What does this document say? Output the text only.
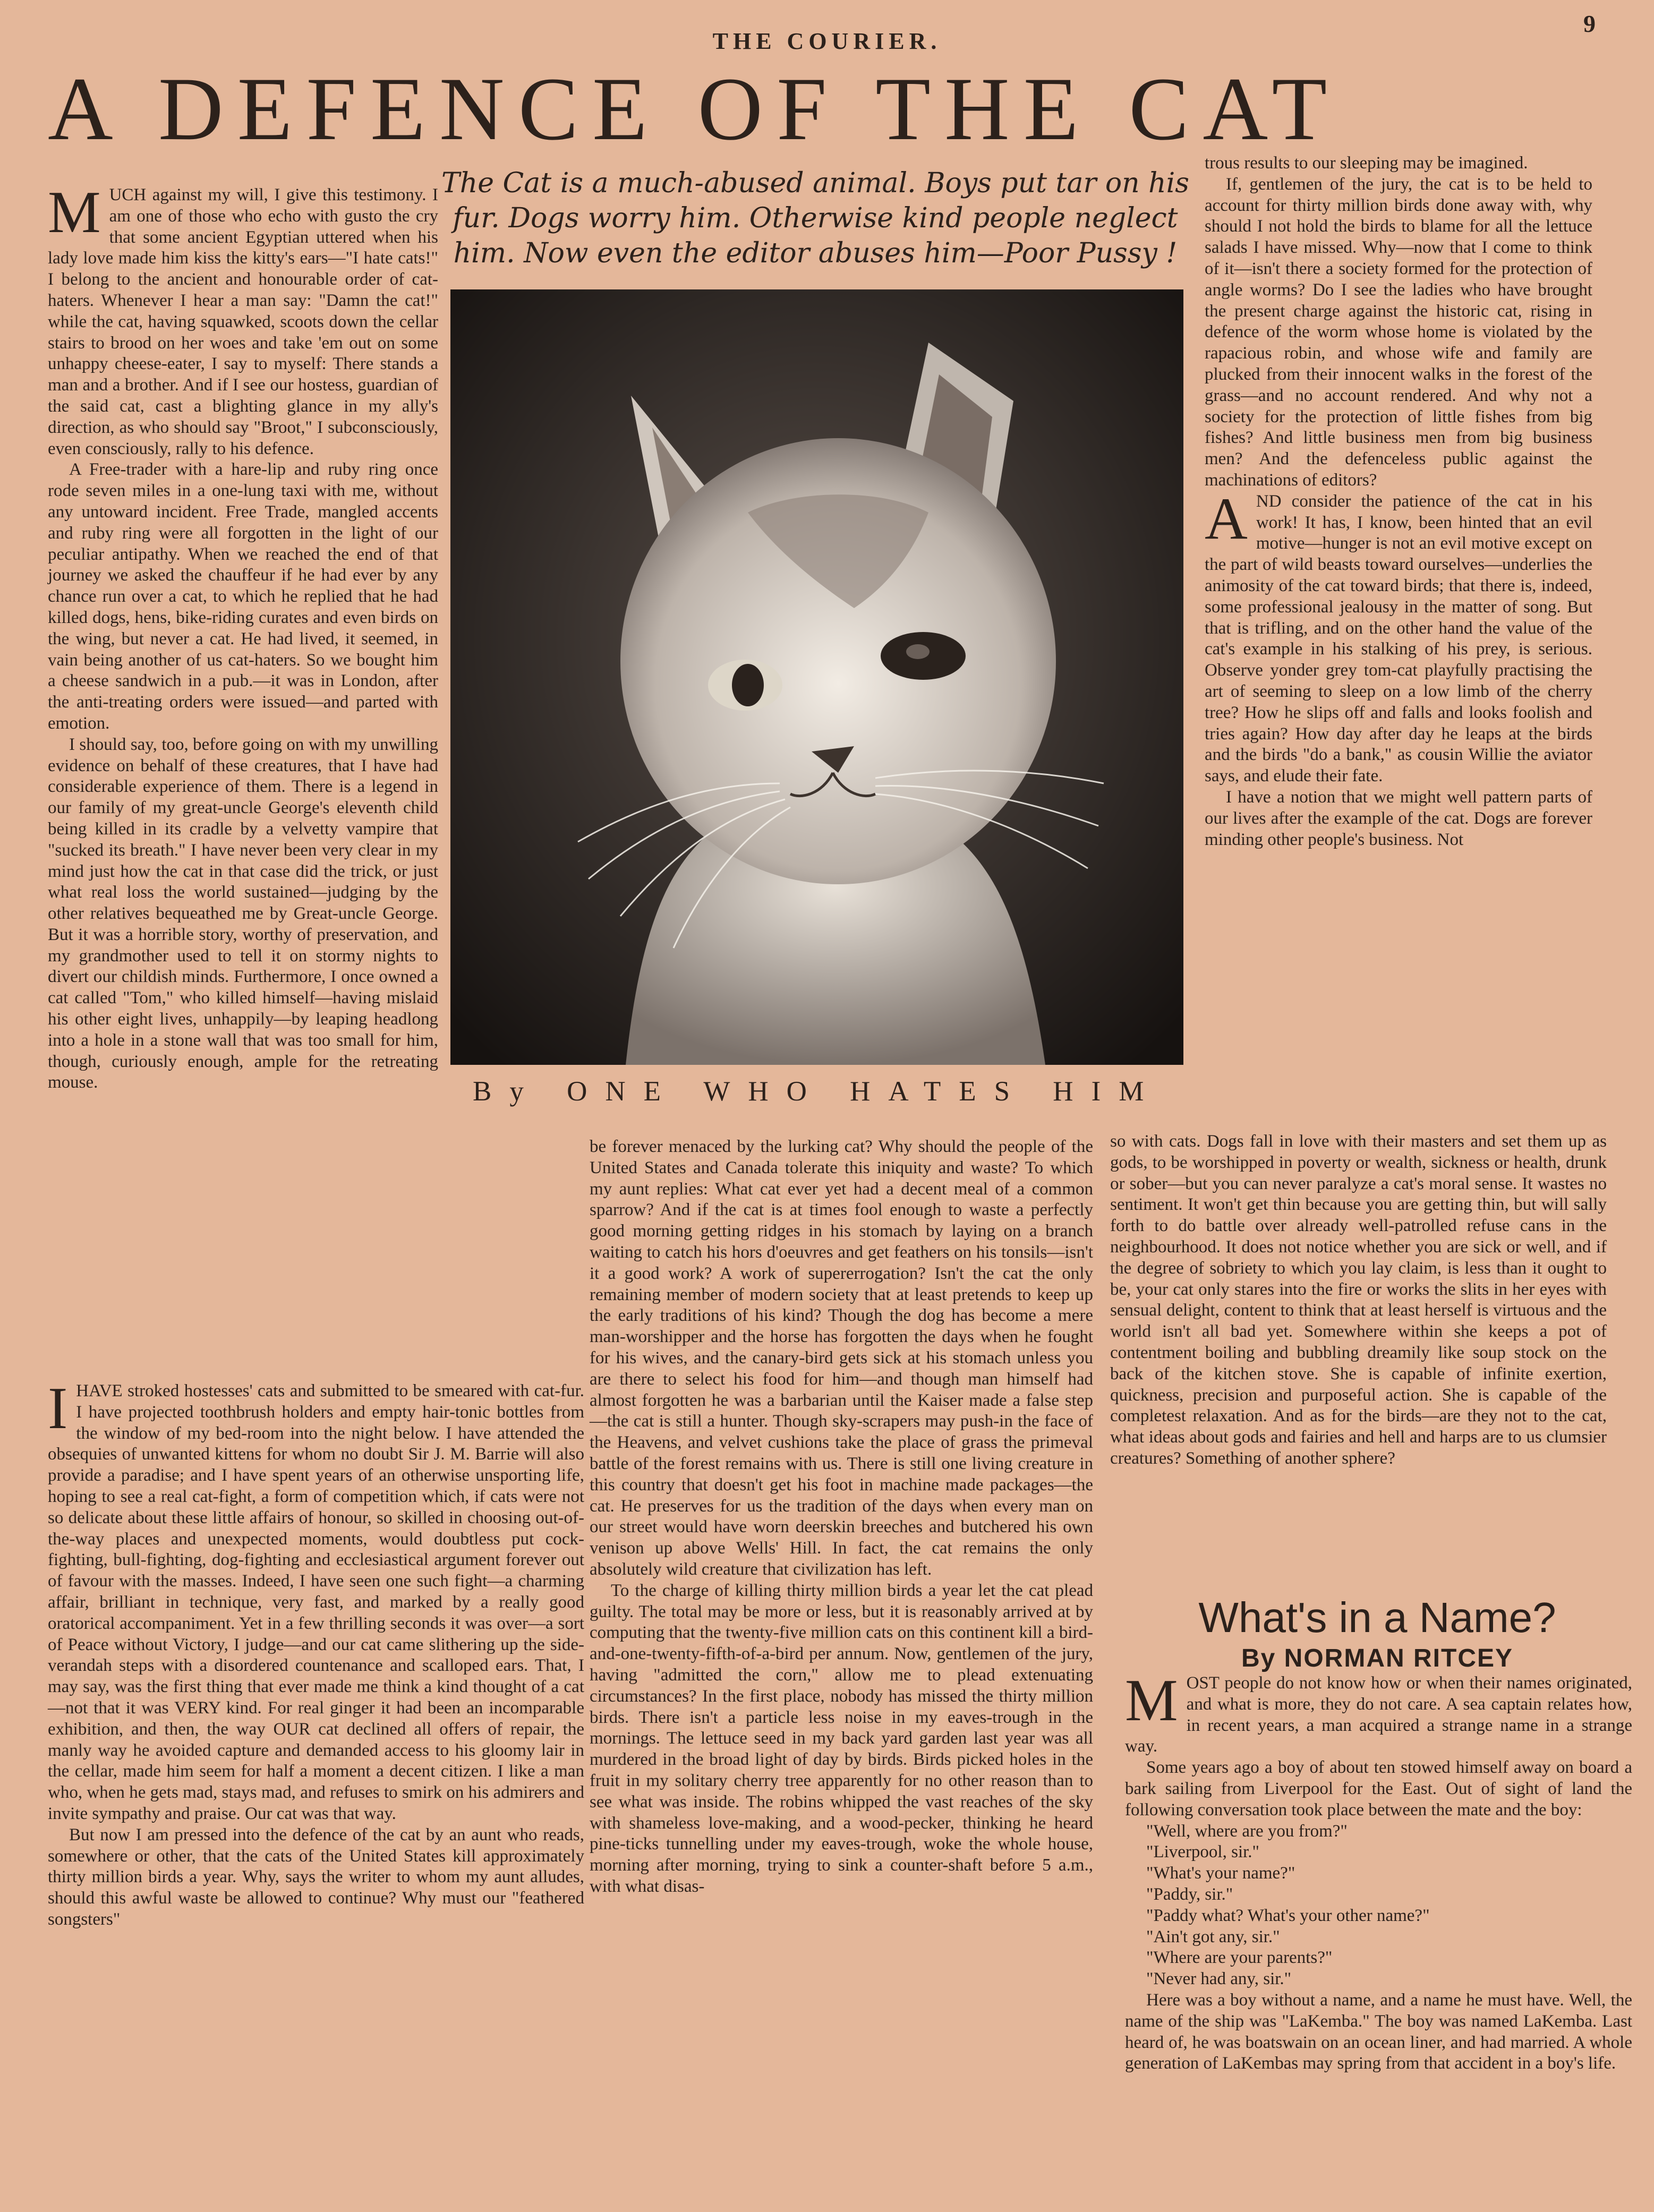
THE COURIER.
9
A DEFENCE OF THE CAT
The Cat is a much-abused animal. Boys put tar on his fur. Dogs worry him. Otherwise kind people neglect him. Now even the editor abuses him—Poor Pussy !
By ONE WHO HATES HIM

MUCH against my will, I give this testimony. I am one of those who echo with gusto the cry that some ancient Egyptian uttered when his lady love made him kiss the kitty's ears—"I hate cats!" I belong to the ancient and honourable order of cat-haters. Whenever I hear a man say: "Damn the cat!" while the cat, having squawked, scoots down the cellar stairs to brood on her woes and take 'em out on some unhappy cheese-eater, I say to myself: There stands a man and a brother. And if I see our hostess, guardian of the said cat, cast a blighting glance in my ally's direction, as who should say "Broot," I subconsciously, even consciously, rally to his defence.

A Free-trader with a hare-lip and ruby ring once rode seven miles in a one-lung taxi with me, without any untoward incident. Free Trade, mangled accents and ruby ring were all forgotten in the light of our peculiar antipathy. When we reached the end of that journey we asked the chauffeur if he had ever by any chance run over a cat, to which he replied that he had killed dogs, hens, bike-riding curates and even birds on the wing, but never a cat. He had lived, it seemed, in vain being another of us cat-haters. So we bought him a cheese sandwich in a pub.—it was in London, after the anti-treating orders were issued—and parted with emotion.

I should say, too, before going on with my unwilling evidence on behalf of these creatures, that I have had considerable experience of them. There is a legend in our family of my great-uncle George's eleventh child being killed in its cradle by a velvetty vampire that "sucked its breath." I have never been very clear in my mind just how the cat in that case did the trick, or just what real loss the world sustained—judging by the other relatives bequeathed me by Great-uncle George. But it was a horrible story, worthy of preservation, and my grandmother used to tell it on stormy nights to divert our childish minds. Furthermore, I once owned a cat called "Tom," who killed himself—having mislaid his other eight lives, unhappily—by leaping headlong into a hole in a stone wall that was too small for him, though, curiously enough, ample for the retreating mouse.

IHAVE stroked hostesses' cats and submitted to be smeared with cat-fur. I have projected toothbrush holders and empty hair-tonic bottles from the window of my bed-room into the night below. I have attended the obsequies of unwanted kittens for whom no doubt Sir J. M. Barrie will also provide a paradise; and I have spent years of an otherwise unsporting life, hoping to see a real cat-fight, a form of competition which, if cats were not so delicate about these little affairs of honour, so skilled in choosing out-of-the-way places and unexpected moments, would doubtless put cock-fighting, bull-fighting, dog-fighting and ecclesiastical argument forever out of favour with the masses. Indeed, I have seen one such fight—a charming affair, brilliant in technique, very fast, and marked by a really good oratorical accompaniment. Yet in a few thrilling seconds it was over—a sort of Peace without Victory, I judge—and our cat came slithering up the side-verandah steps with a disordered countenance and scalloped ears. That, I may say, was the first thing that ever made me think a kind thought of a cat—not that it was VERY kind. For real ginger it had been an incomparable exhibition, and then, the way OUR cat declined all offers of repair, the manly way he avoided capture and demanded access to his gloomy lair in the cellar, made him seem for half a moment a decent citizen. I like a man who, when he gets mad, stays mad, and refuses to smirk on his admirers and invite sympathy and praise. Our cat was that way.

But now I am pressed into the defence of the cat by an aunt who reads, somewhere or other, that the cats of the United States kill approximately thirty million birds a year. Why, says the writer to whom my aunt alludes, should this awful waste be allowed to continue? Why must our "feathered songsters"

be forever menaced by the lurking cat? Why should the people of the United States and Canada tolerate this iniquity and waste? To which my aunt replies: What cat ever yet had a decent meal of a common sparrow? And if the cat is at times fool enough to waste a perfectly good morning getting ridges in his stomach by laying on a branch waiting to catch his hors d'oeuvres and get feathers on his tonsils—isn't it a good work? A work of supererrogation? Isn't the cat the only remaining member of modern society that at least pretends to keep up the early traditions of his kind? Though the dog has become a mere man-worshipper and the horse has forgotten the days when he fought for his wives, and the canary-bird gets sick at his stomach unless you are there to select his food for him—and though man himself had almost forgotten he was a barbarian until the Kaiser made a false step—the cat is still a hunter. Though sky-scrapers may push-in the face of the Heavens, and velvet cushions take the place of grass the primeval battle of the forest remains with us. There is still one living creature in this country that doesn't get his foot in machine made packages—the cat. He preserves for us the tradition of the days when every man on our street would have worn deerskin breeches and butchered his own venison up above Wells' Hill. In fact, the cat remains the only absolutely wild creature that civilization has left.

To the charge of killing thirty million birds a year let the cat plead guilty. The total may be more or less, but it is reasonably arrived at by computing that the twenty-five million cats on this continent kill a bird-and-one-twenty-fifth-of-a-bird per annum. Now, gentlemen of the jury, having "admitted the corn," allow me to plead extenuating circumstances? In the first place, nobody has missed the thirty million birds. There isn't a particle less noise in my eaves-trough in the mornings. The lettuce seed in my back yard garden last year was all murdered in the broad light of day by birds. Birds picked holes in the fruit in my solitary cherry tree apparently for no other reason than to see what was inside. The robins whipped the vast reaches of the sky with shameless love-making, and a wood-pecker, thinking he heard pine-ticks tunnelling under my eaves-trough, woke the whole house, morning after morning, trying to sink a counter-shaft before 5 a.m., with what disas-

trous results to our sleeping may be imagined.

If, gentlemen of the jury, the cat is to be held to account for thirty million birds done away with, why should I not hold the birds to blame for all the lettuce salads I have missed. Why—now that I come to think of it—isn't there a society formed for the protection of angle worms? Do I see the ladies who have brought the present charge against the historic cat, rising in defence of the worm whose home is violated by the rapacious robin, and whose wife and family are plucked from their innocent walks in the forest of the grass—and no account rendered. And why not a society for the protection of little fishes from big fishes? And little business men from big business men? And the defenceless public against the machinations of editors?

AND consider the patience of the cat in his work! It has, I know, been hinted that an evil motive—hunger is not an evil motive except on the part of wild beasts toward ourselves—underlies the animosity of the cat toward birds; that there is, indeed, some professional jealousy in the matter of song. But that is trifling, and on the other hand the value of the cat's example in his stalking of his prey, is serious. Observe yonder grey tom-cat playfully practising the art of seeming to sleep on a low limb of the cherry tree? How he slips off and falls and looks foolish and tries again? How day after day he leaps at the birds and the birds "do a bank," as cousin Willie the aviator says, and elude their fate.

I have a notion that we might well pattern parts of our lives after the example of the cat. Dogs are forever minding other people's business. Not

so with cats. Dogs fall in love with their masters and set them up as gods, to be worshipped in poverty or wealth, sickness or health, drunk or sober—but you can never paralyze a cat's moral sense. It wastes no sentiment. It won't get thin because you are getting thin, but will sally forth to do battle over already well-patrolled refuse cans in the neighbourhood. It does not notice whether you are sick or well, and if the degree of sobriety to which you lay claim, is less than it ought to be, your cat only stares into the fire or works the slits in her eyes with sensual delight, content to think that at least herself is virtuous and the world isn't all bad yet. Somewhere within she keeps a pot of contentment boiling and bubbling dreamily like soup stock on the back of the kitchen stove. She is capable of infinite exertion, quickness, precision and purposeful action. She is capable of the completest relaxation. And as for the birds—are they not to the cat, what ideas about gods and fairies and hell and harps are to us clumsier creatures? Something of another sphere?

What's in a Name?
By NORMAN RITCEY

MOST people do not know how or when their names originated, and what is more, they do not care. A sea captain relates how, in recent years, a man acquired a strange name in a strange way.

Some years ago a boy of about ten stowed himself away on board a bark sailing from Liverpool for the East. Out of sight of land the following conversation took place between the mate and the boy:

"Well, where are you from?"

"Liverpool, sir."

"What's your name?"

"Paddy, sir."

"Paddy what? What's your other name?"

"Ain't got any, sir."

"Where are your parents?"

"Never had any, sir."

Here was a boy without a name, and a name he must have. Well, the name of the ship was "LaKemba." The boy was named LaKemba. Last heard of, he was boatswain on an ocean liner, and had married. A whole generation of LaKembas may spring from that accident in a boy's life.
